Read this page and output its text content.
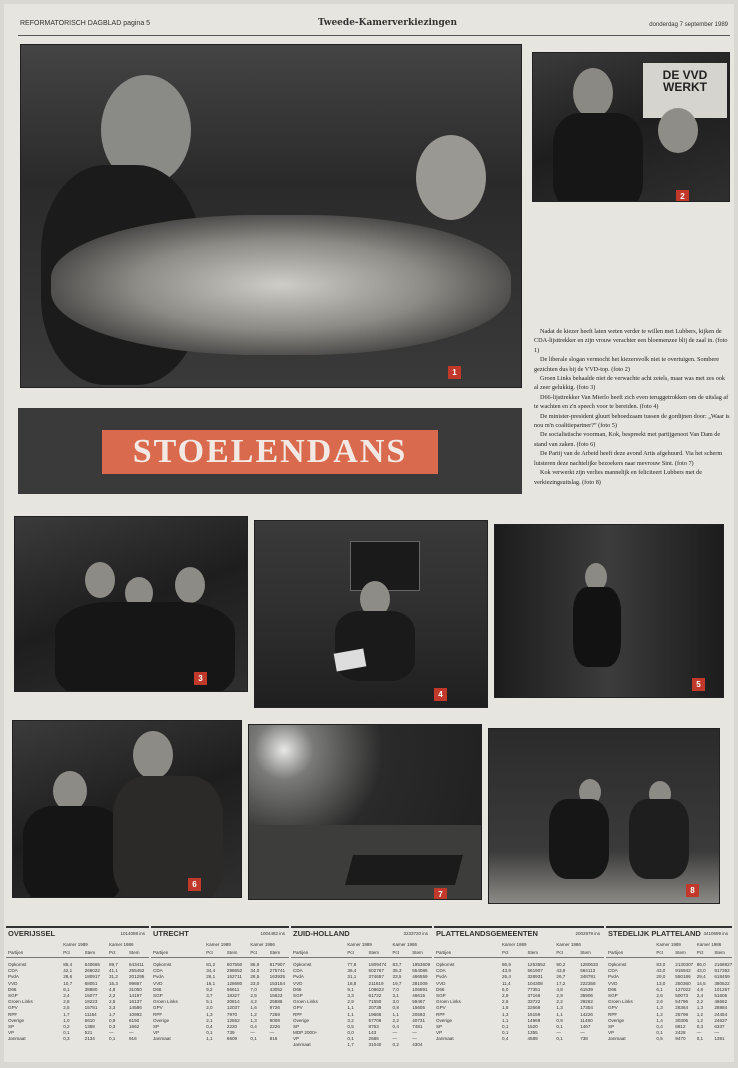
REFORMATORISCH DAGBLAD pagina 5	Tweede-Kamerverkiezingen	donderdag 7 september 1989
1
DE VVD WERKT
2
STOELENDANS

Nadat de kiezer heeft laten weten verder te willen met Lubbers, kijken de CDA-lijsttrekker en zijn vrouw verachter een bloemenzee blij de zaal in. (foto 1)

De liberale slogan vermocht het kiezersvolk niet te overtuigen. Sombere gezichten dus bij de VVD-top. (foto 2)

Groen Links behaalde niet de verwachte acht zetels, maar was met zes ook al zeer gelukkig. (foto 3)

D66-lijsttrekker Van Mierlo heeft zich even teruggetrokken om de uitslag af te wachten en z'n speech voor te bereiden. (foto 4)

De minister-president gluurt behoedzaam tussen de gordijnen door: „Waar is nou m'n coalitiepartner?” (foto 5)

De socialistische voorman, Kok, bespreekt met partijgenoot Van Dam de stand van zaken. (foto 6)

De Partij van de Arbeid heeft deze avond Artis afgehuurd. Via het scherm luisteren deze nachtelijke bezoekers naar mevrouw Sint. (foto 7)

Kok verwerkt zijn verlies mannelijk en feliciteert Lubbers met de verkiezingsuitslag. (foto 8)

3
4
5
6
7	8
OVERIJSSEL	1014088 ins
Partijen
Kamer 1989	Kamer 1986
Pct	Stem	Pct	Stem
Opkomst	85,4	640665 89,7 643411
CDA	42,1	266022 41,1 265452
PvdA	28,6	180917 31,2 201295
VVD	10,7	68051	15,3 99867
D66	6,1	38880	4,8	31050
SGP	2,4	15077	2,2	14197
Groen Links	2,8	18223	2,5	16137
GPV	2,5	15781	2,3	14586
RPF	1,7	11154	1,7	10992
Overige	1,0	6610	0,9	6150
SP	0,2	1358	0,3	1662
VP	0,1	521	—	—
Janmaat	0,3	2134	0,1	916
UTRECHT	1004482 ins
Partijen
Kamer 1989	Kamer 1986
Pct	Stem	Pct	Stem
Opkomst	81,2	807550 86,9 817907
CDA	34,4	298652 34,0 275741
PvdA	26,1	152711 28,5 163935
VVD	16,1	128680 23,0 153154
D66	9,2	56611 7,0	43052
SGP	3,7	18327 2,5	15623
Groen Links	5,1	30814 4,2	25886
GPV	2,0	12037 1,6	9726
RPF	1,3	7970	1,2	7259
Overige	2,1	12552 1,3	9008
SP	0,4	2220	0,4	2226
VP	0,1	739	—	—
Janmaat	1,1	6609	0,1	816
ZUID-HOLLAND	3233720 ins
Partijen
Kamer 1989	Kamer 1986
Pct	Stem	Pct	Stem
Opkomst	77,8	1809474 83,7 1953609
CDA	36,4	502767 35,3 554086
PvdA	31,1	374657 33,5 466559
VVD	18,8	211619 19,7 281009
D66	9,1	108622 7,0	106891
SGP	3,3	61722 3,1	46615
Groen Links	2,9	71550 3,0	59467
GPV	1,1	20739 0,8	15605
RPF	1,1	19666 1,1	20593
Overige	3,2	57706 2,2	40731
SP	0,5	8763	0,4	7481
MDP 2000+	0,0	143	—	—
VP	0,1	2686	—	—
Janmaat	1,7	31040 0,2	4304
PLATTELANDSGEMEENTEN	2002979 ins
Partijen
Kamer 1989	Kamer 1986
Pct	Stem	Pct	Stem
Opkomst	86,9	1253552 90,2	1280633
CDA	43,9	561907	43,9	564113
PvdA	26,4	328931	26,7	348781
VVD	11,4	104308	17,2	222358
D66	6,0	77351	4,8	61539
SGP	2,9	37166	2,9	35906
Groen Links	2,6	33722	2,2	29262
GPV	1,8	22669	1,3	17354
RPF	1,3	15159	1,1	14226
Overige	1,1	14969	0,9	11490
SP	0,1	1520	0,1	1467
VP	0,1	1355	—	—
Janmaat	0,4	4589	0,1	738
STEDELIJK PLATTELAND 3410699 ins
Partijen
Kamer 1989	Kamer 1986
Pct	Stem Pct Stem
Opkomst	83,0 2130307 86,0 2168827
CDA	43,0 915942 43,0 917352
PvdA	29,0 550186 29,4 618459
VVD	13,0 250360 14,5 380522
D66	6,1	127022 4,8 101257
SGP	2,6	50073 2,4 51605
Groen Links	2,6	54796 2,2 46662
GPV	1,3	26364 1,3 28884
RPF	1,2	25799 1,2 24454
Overige	1,4	30306 1,2 24637
SP	0,4	8812 0,3 6337
VP	0,1	2428 —	—
Janmaat	0,5	9470 0,1 1391
